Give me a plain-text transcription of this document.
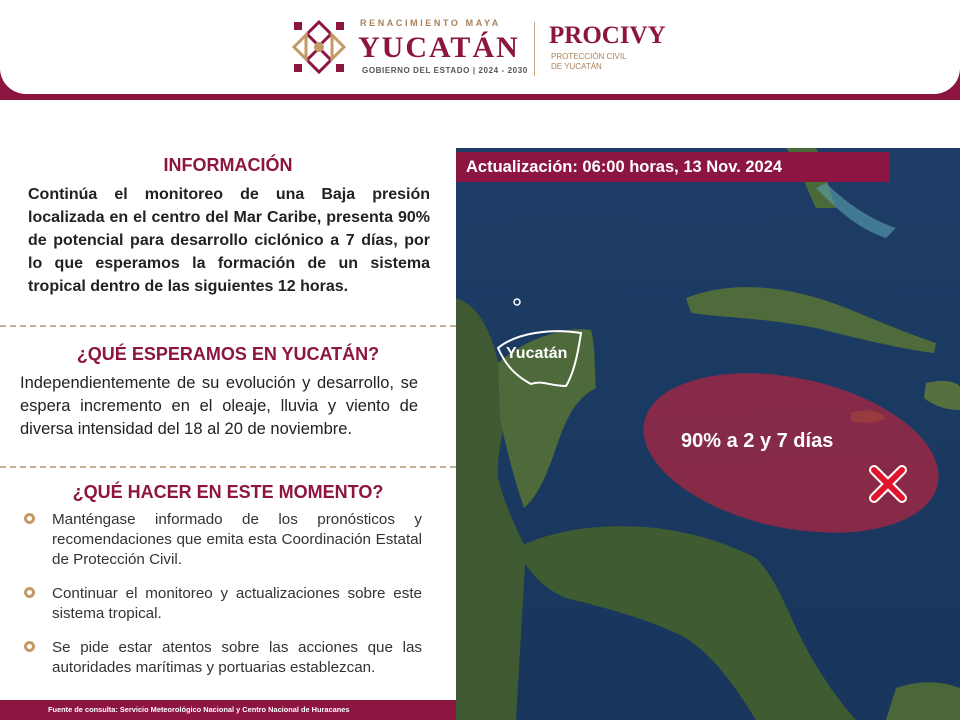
RENACIMIENTO MAYA
YUCATÁN
GOBIERNO DEL ESTADO | 2024 - 2030
PROCIVY
PROTECCIÓN CIVIL
DE YUCATÁN
MONITOREO METEOROLÓGICO
INFORMACIÓN
Continúa el monitoreo de una Baja presión localizada en el centro del Mar Caribe, presenta 90% de potencial para desarrollo ciclónico a 7 días, por lo que esperamos la formación de un sistema tropical dentro de las siguientes 12 horas.
¿QUÉ ESPERAMOS EN YUCATÁN?
Independientemente de su evolución y desarrollo, se espera incremento en el oleaje, lluvia y viento de diversa intensidad del 18 al 20 de noviembre.
¿QUÉ HACER EN ESTE MOMENTO?
Manténgase informado de los pronósticos y recomendaciones que emita esta Coordinación Estatal de Protección Civil.
Continuar el monitoreo y actualizaciones sobre este sistema tropical.
Se pide estar atentos sobre las acciones que las autoridades marítimas y portuarias establezcan.
Fuente de consulta: Servicio Meteorológico Nacional y Centro Nacional de Huracanes
Actualización: 06:00 horas, 13 Nov. 2024
Yucatán
90% a 2 y 7 días
